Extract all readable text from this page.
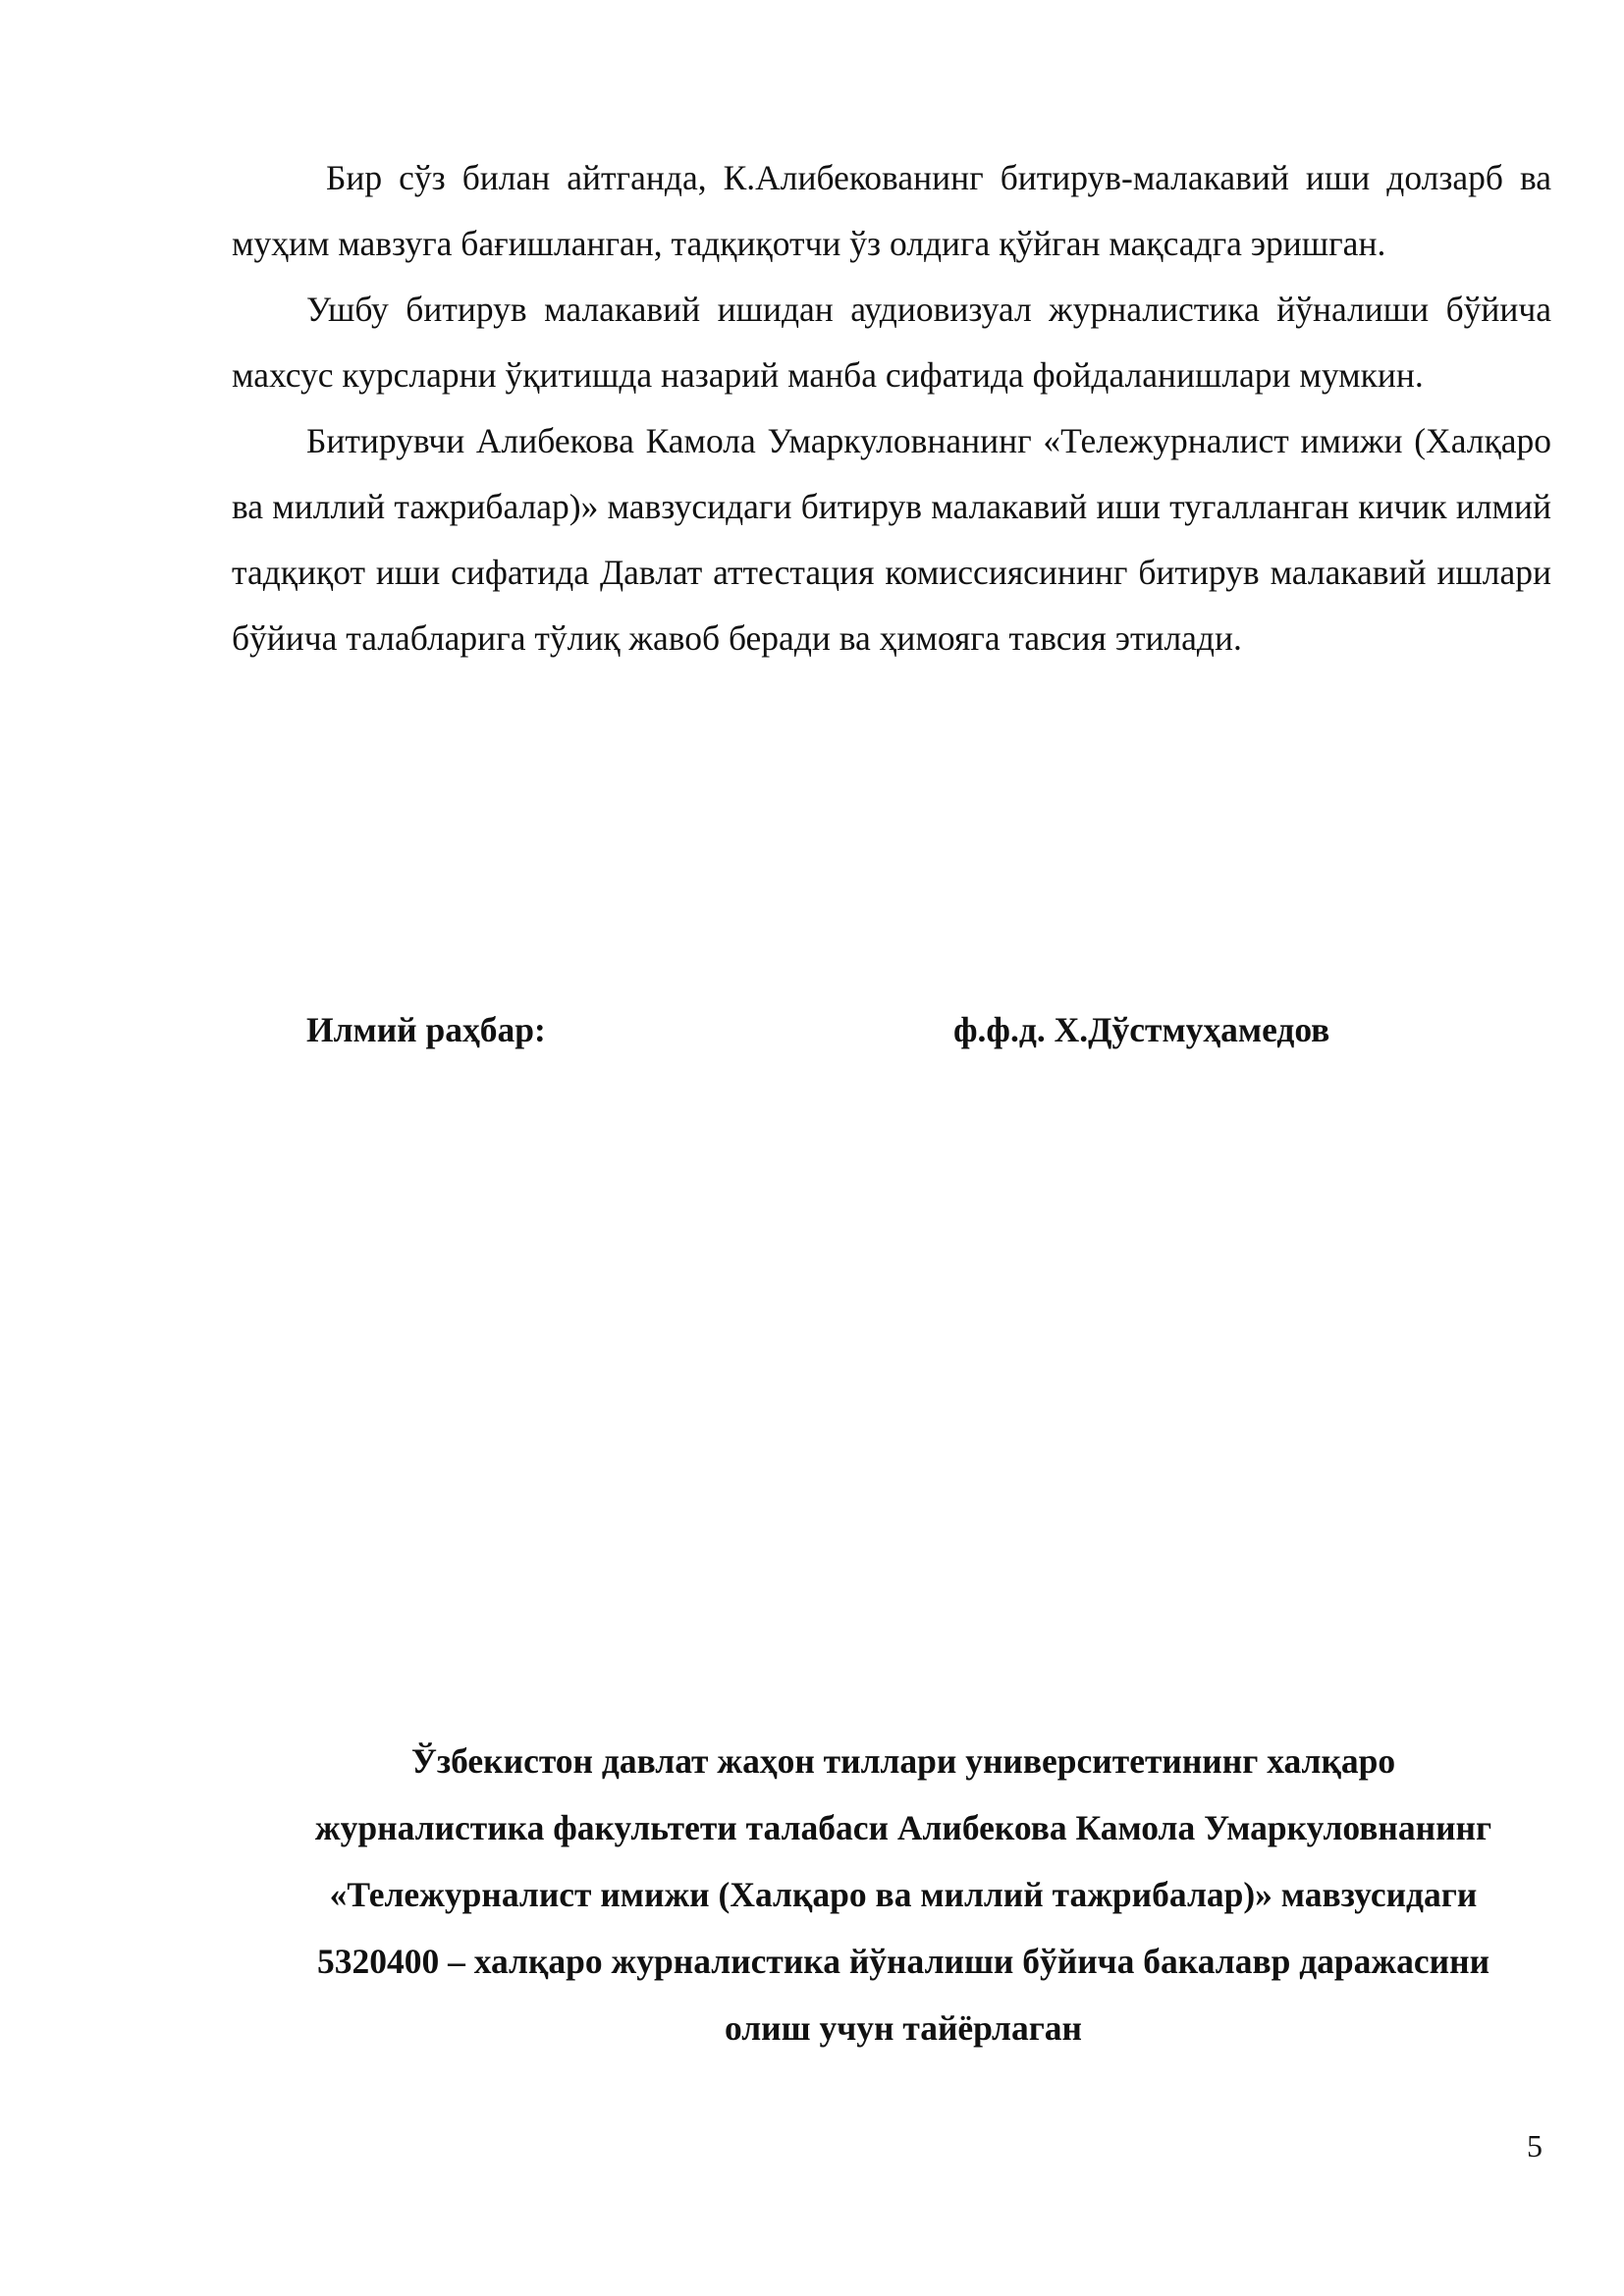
Бир сўз билан айтганда, К.Алибекованинг битирув-малакавий иши долзарб ва муҳим мавзуга бағишланган, тадқиқотчи ўз олдига қўйган мақсадга эришган.

Ушбу битирув малакавий ишидан аудиовизуал журналистика йўналиши бўйича махсус курсларни ўқитишда назарий манба сифатида фойдаланишлари мумкин.

Битирувчи Алибекова Камола Умаркуловнанинг «Тележурналист имижи (Халқаро ва миллий тажрибалар)» мавзусидаги битирув малакавий иши тугалланган кичик илмий тадқиқот иши сифатида Давлат аттестация комиссиясининг битирув малакавий ишлари бўйича талабларига тўлиқ жавоб беради ва ҳимояга тавсия этилади.

Илмий раҳбар:	ф.ф.д. Х.Дўстмуҳамедов
Ўзбекистон давлат жаҳон тиллари университетининг халқаро
журналистика факультети талабаси Алибекова Камола Умаркуловнанинг
«Тележурналист имижи (Халқаро ва миллий тажрибалар)» мавзусидаги
5320400 – халқаро журналистика йўналиши бўйича бакалавр даражасини
олиш учун тайёрлаган
5
